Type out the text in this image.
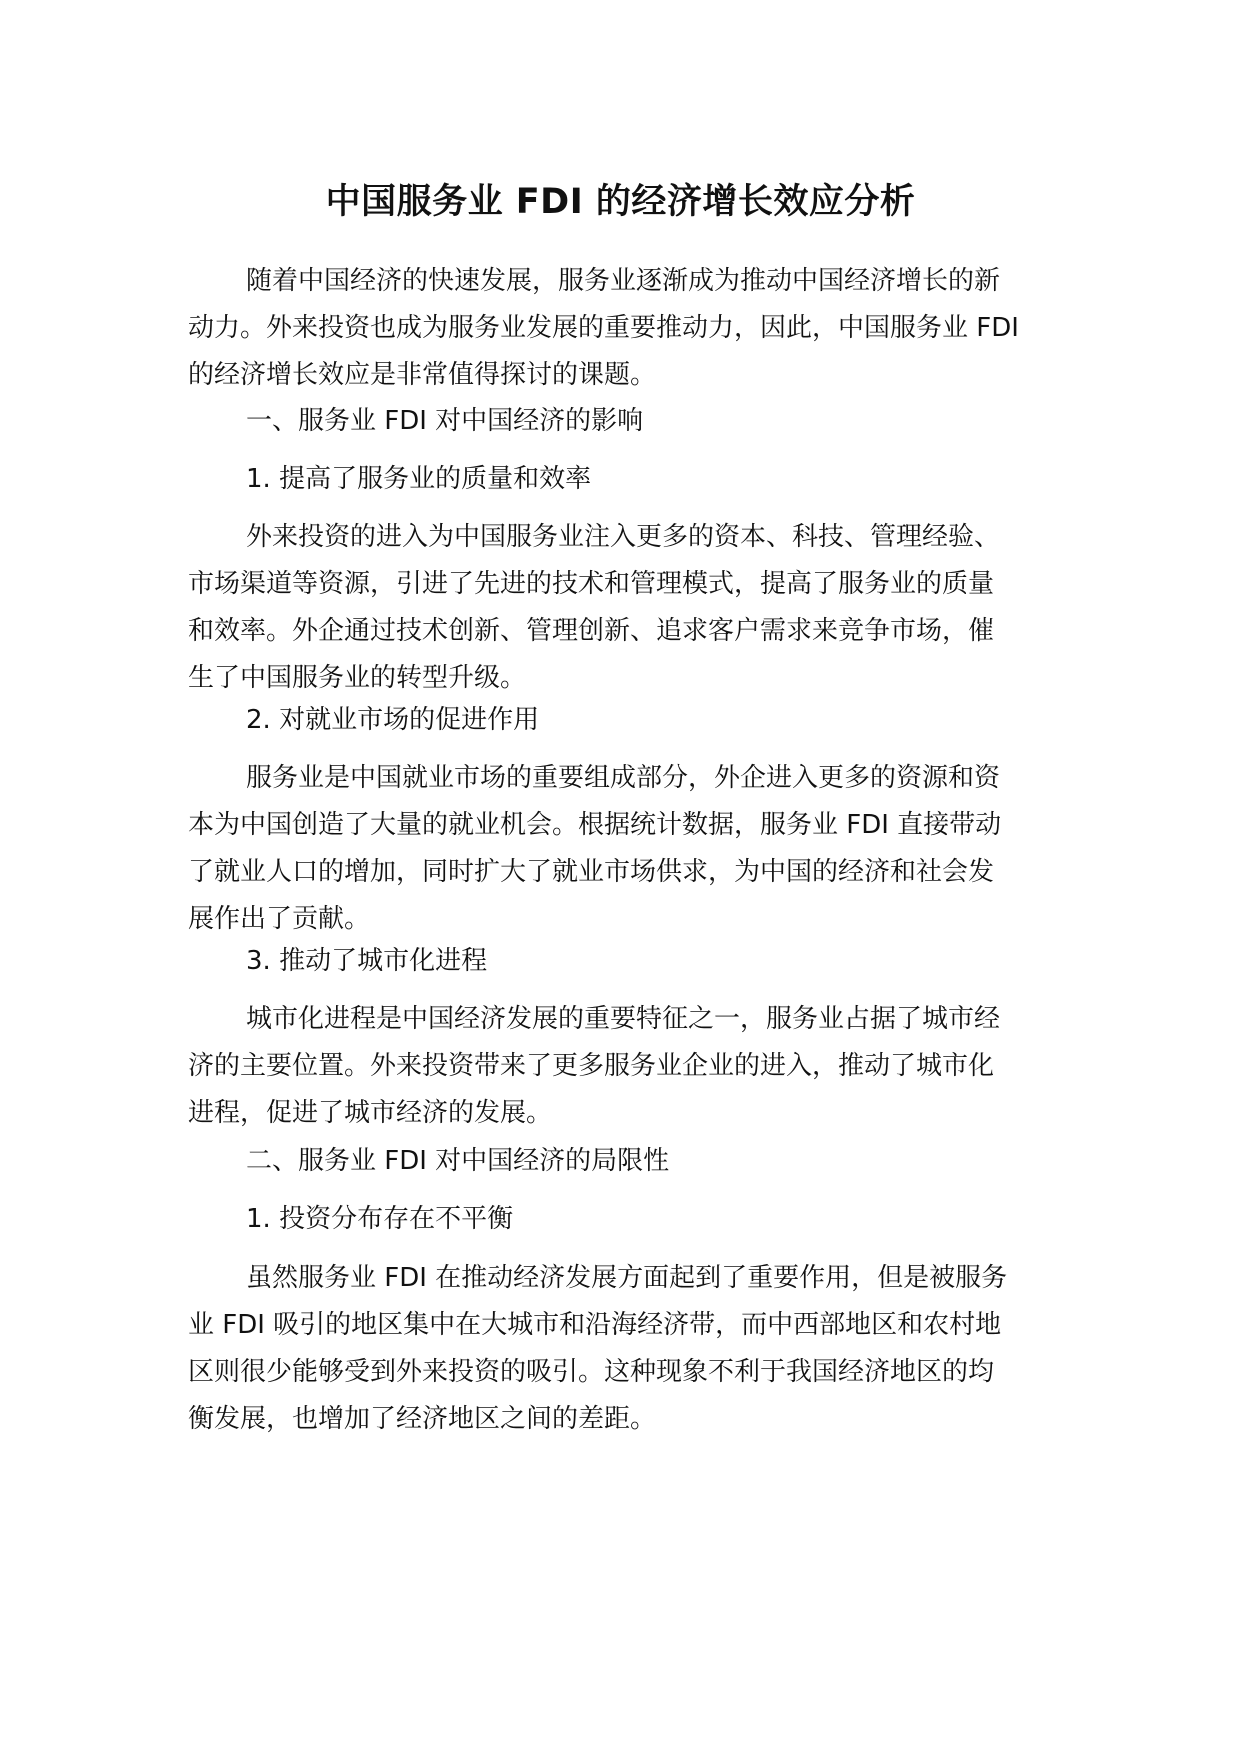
中国服务业 FDI 的经济增长效应分析
随着中国经济的快速发展，服务业逐渐成为推动中国经济增长的新
动力。外来投资也成为服务业发展的重要推动力，因此，中国服务业 FDI
的经济增长效应是非常值得探讨的课题。
一、服务业 FDI 对中国经济的影响
1. 提高了服务业的质量和效率
外来投资的进入为中国服务业注入更多的资本、科技、管理经验、
市场渠道等资源，引进了先进的技术和管理模式，提高了服务业的质量
和效率。外企通过技术创新、管理创新、追求客户需求来竞争市场，催
生了中国服务业的转型升级。
2. 对就业市场的促进作用
服务业是中国就业市场的重要组成部分，外企进入更多的资源和资
本为中国创造了大量的就业机会。根据统计数据，服务业 FDI 直接带动
了就业人口的增加，同时扩大了就业市场供求，为中国的经济和社会发
展作出了贡献。
3. 推动了城市化进程
城市化进程是中国经济发展的重要特征之一，服务业占据了城市经
济的主要位置。外来投资带来了更多服务业企业的进入，推动了城市化
进程，促进了城市经济的发展。
二、服务业 FDI 对中国经济的局限性
1. 投资分布存在不平衡
虽然服务业 FDI 在推动经济发展方面起到了重要作用，但是被服务
业 FDI 吸引的地区集中在大城市和沿海经济带，而中西部地区和农村地
区则很少能够受到外来投资的吸引。这种现象不利于我国经济地区的均
衡发展，也增加了经济地区之间的差距。
